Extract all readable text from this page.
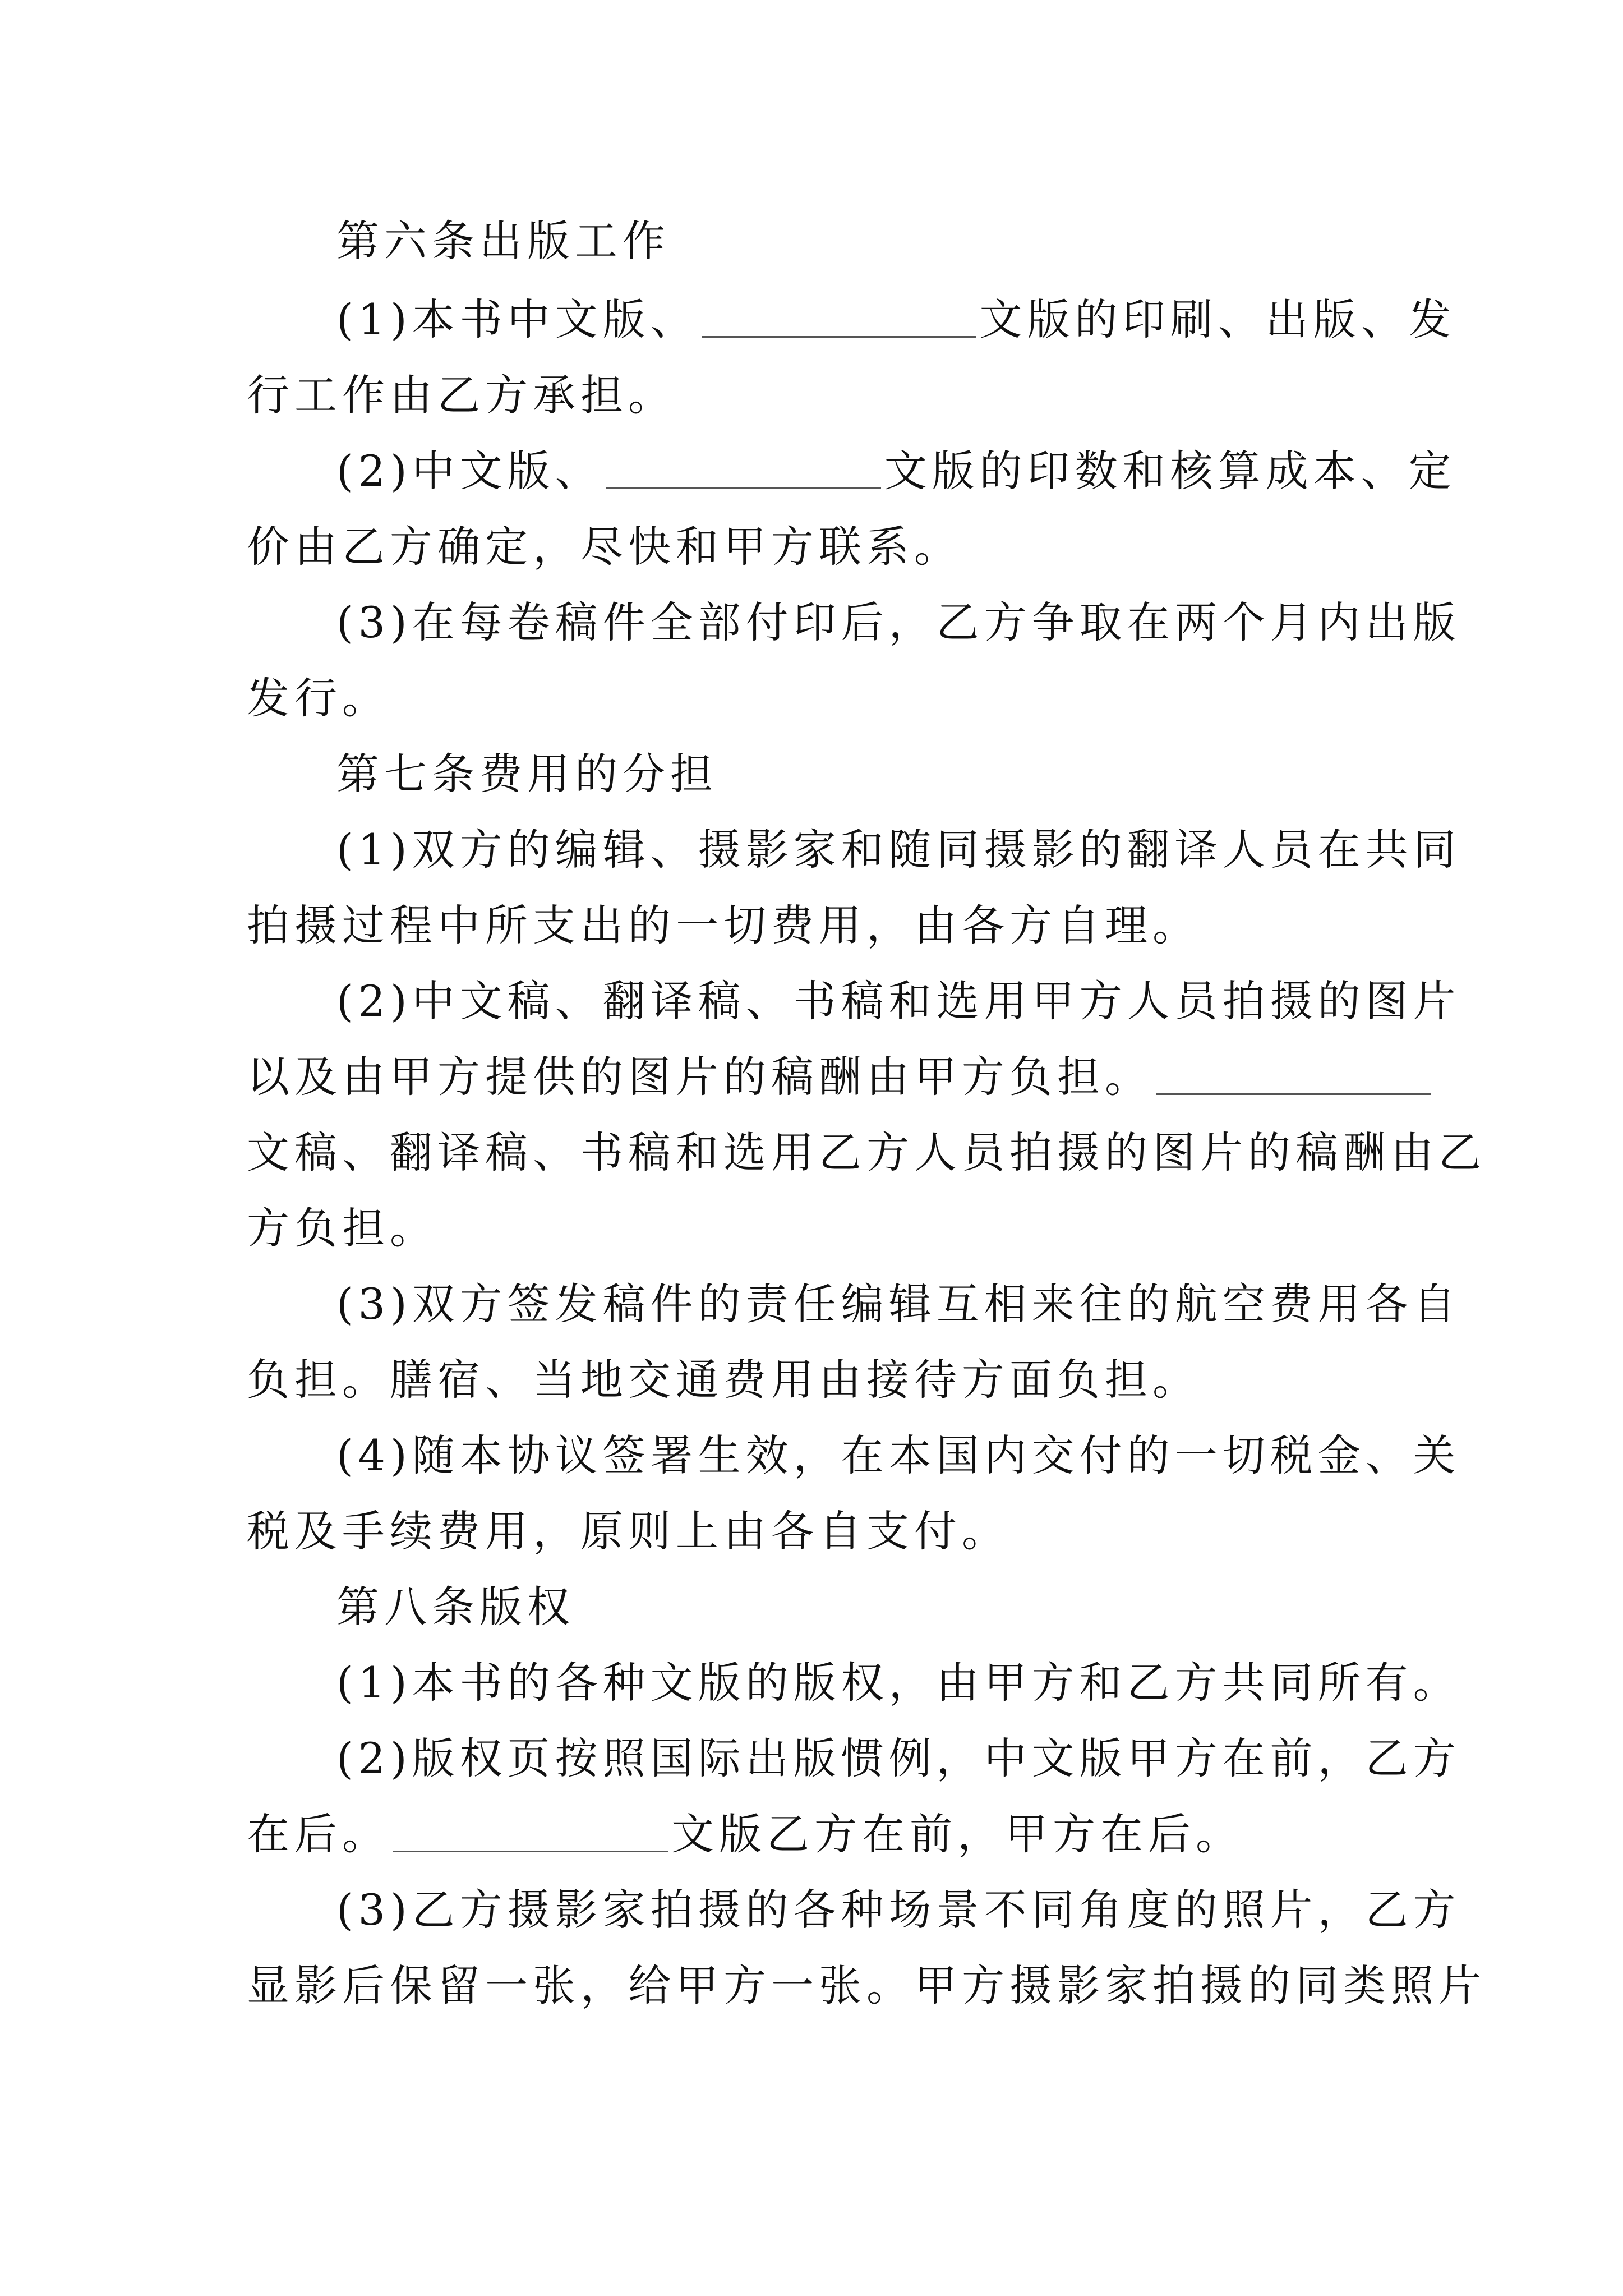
第六条出版工作
(1)本书中文版、	文版的印刷、出版、发
行工作由乙方承担。
(2)中文版、	文版的印数和核算成本、定
价由乙方确定，尽快和甲方联系。
(3)在每卷稿件全部付印后，乙方争取在两个月内出版
发行。
第七条费用的分担
(1)双方的编辑、摄影家和随同摄影的翻译人员在共同
拍摄过程中所支出的一切费用，由各方自理。
(2)中文稿、翻译稿、书稿和选用甲方人员拍摄的图片
以及由甲方提供的图片的稿酬由甲方负担。
文稿、翻译稿、书稿和选用乙方人员拍摄的图片的稿酬由乙
方负担。
(3)双方签发稿件的责任编辑互相来往的航空费用各自
负担。膳宿、当地交通费用由接待方面负担。
(4)随本协议签署生效，在本国内交付的一切税金、关
税及手续费用，原则上由各自支付。
第八条版权
(1)本书的各种文版的版权，由甲方和乙方共同所有。
(2)版权页按照国际出版惯例，中文版甲方在前，乙方
在后。	文版乙方在前，甲方在后。
(3)乙方摄影家拍摄的各种场景不同角度的照片，乙方
显影后保留一张，给甲方一张。甲方摄影家拍摄的同类照片
